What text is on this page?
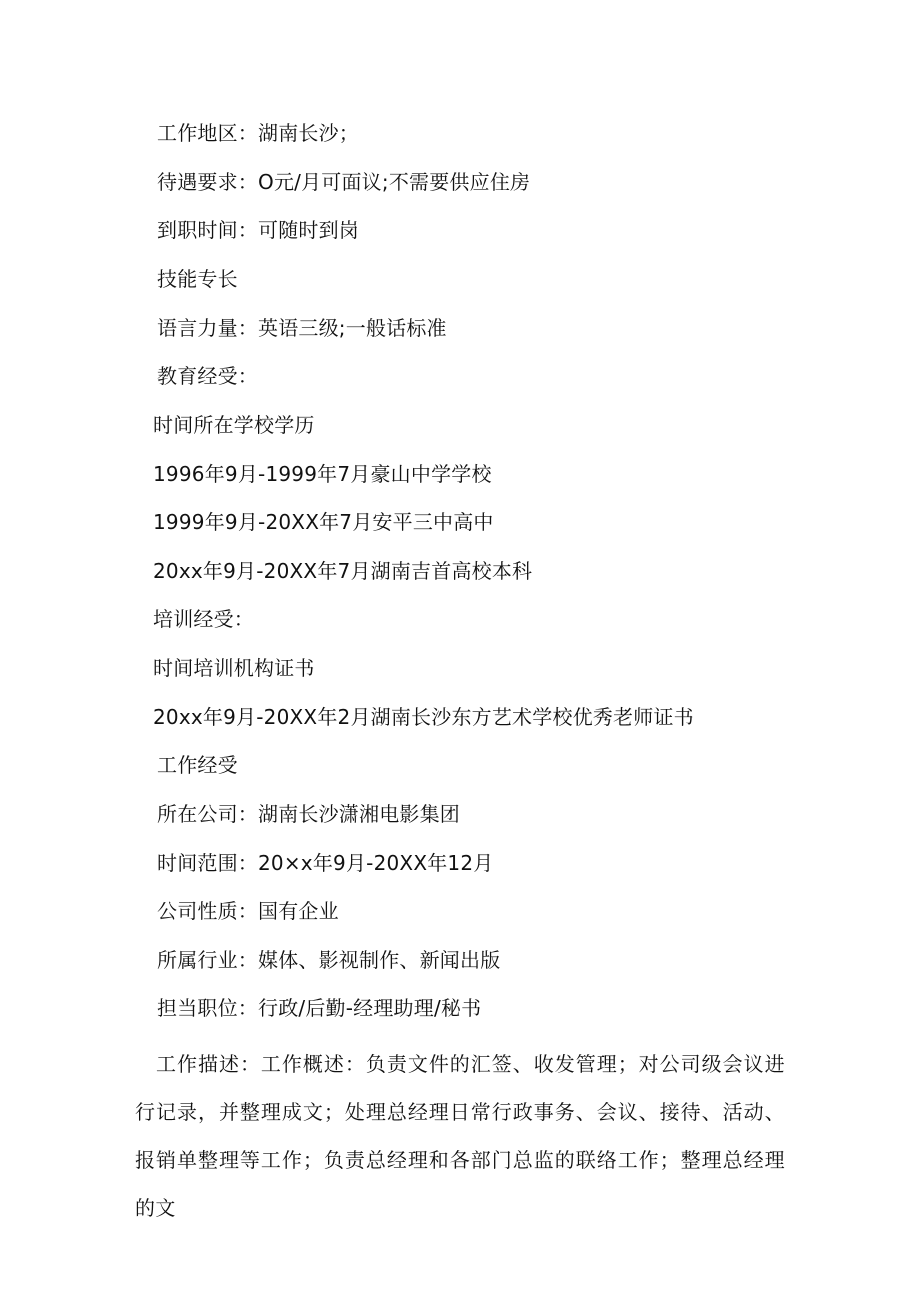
工作地区：湖南长沙；
待遇要求：O元/月可面议;不需要供应住房
到职时间：可随时到岗
技能专长
语言力量：英语三级;一般话标准
教育经受：
时间所在学校学历
1996年9月-1999年7月豪山中学学校
1999年9月-20XX年7月安平三中高中
20xx年9月-20XX年7月湖南吉首高校本科
培训经受：
时间培训机构证书
20xx年9月-20XX年2月湖南长沙东方艺术学校优秀老师证书
工作经受
所在公司：湖南长沙潇湘电影集团
时间范围：20×x年9月-20XX年12月
公司性质：国有企业
所属行业：媒体、影视制作、新闻出版
担当职位：行政/后勤-经理助理/秘书
工作描述：工作概述：负责文件的汇签、收发管理；对公司级会议进行记录，并整理成文；处理总经理日常行政事务、会议、接待、活动、报销单整理等工作；负责总经理和各部门总监的联络工作；整理总经理的文
